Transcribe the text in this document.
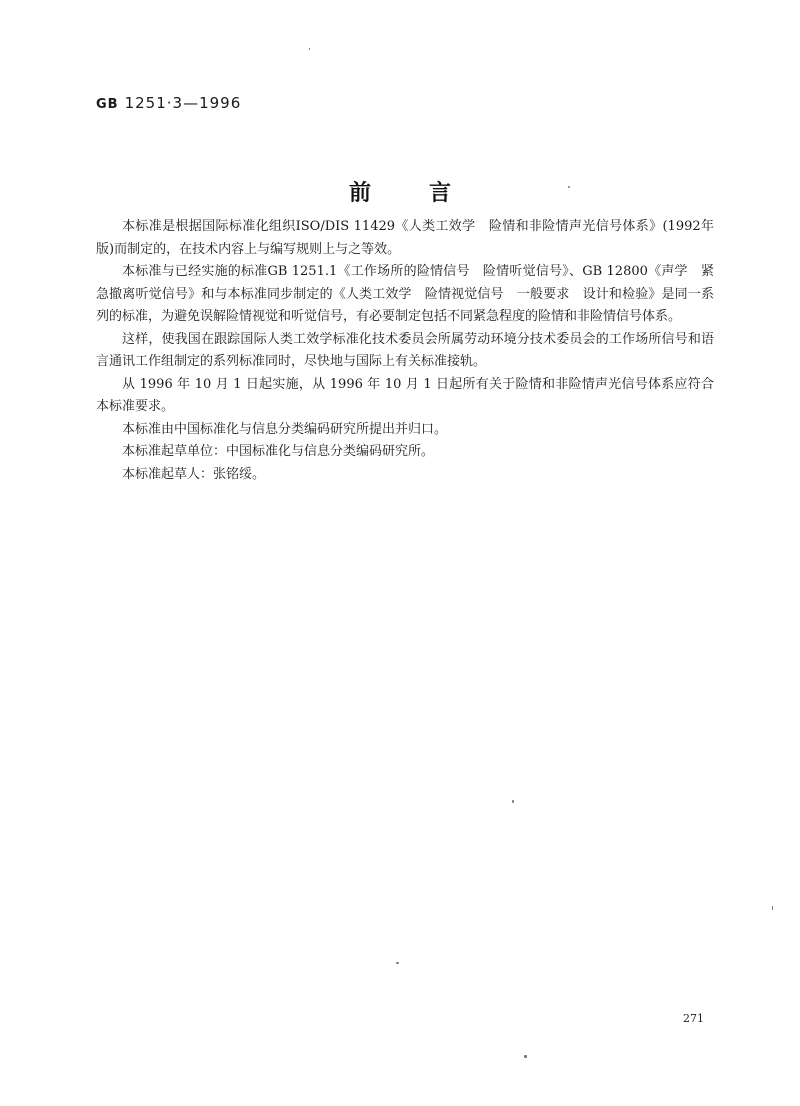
GB 1251·3—1996
前言

本标准是根据国际标准化组织ISO/DIS 11429《人类工效学　险情和非险情声光信号体系》(1992年版)而制定的，在技术内容上与编写规则上与之等效。

本标准与已经实施的标准GB 1251.1《工作场所的险情信号　险情听觉信号》、GB 12800《声学　紧急撤离听觉信号》和与本标准同步制定的《人类工效学　险情视觉信号　一般要求　设计和检验》是同一系列的标准，为避免误解险情视觉和听觉信号，有必要制定包括不同紧急程度的险情和非险情信号体系。

这样，使我国在跟踪国际人类工效学标准化技术委员会所属劳动环境分技术委员会的工作场所信号和语言通讯工作组制定的系列标准同时，尽快地与国际上有关标准接轨。

从 1996 年 10 月 1 日起实施，从 1996 年 10 月 1 日起所有关于险情和非险情声光信号体系应符合本标准要求。

本标准由中国标准化与信息分类编码研究所提出并归口。

本标准起草单位：中国标准化与信息分类编码研究所。

本标准起草人：张铭绥。

271
